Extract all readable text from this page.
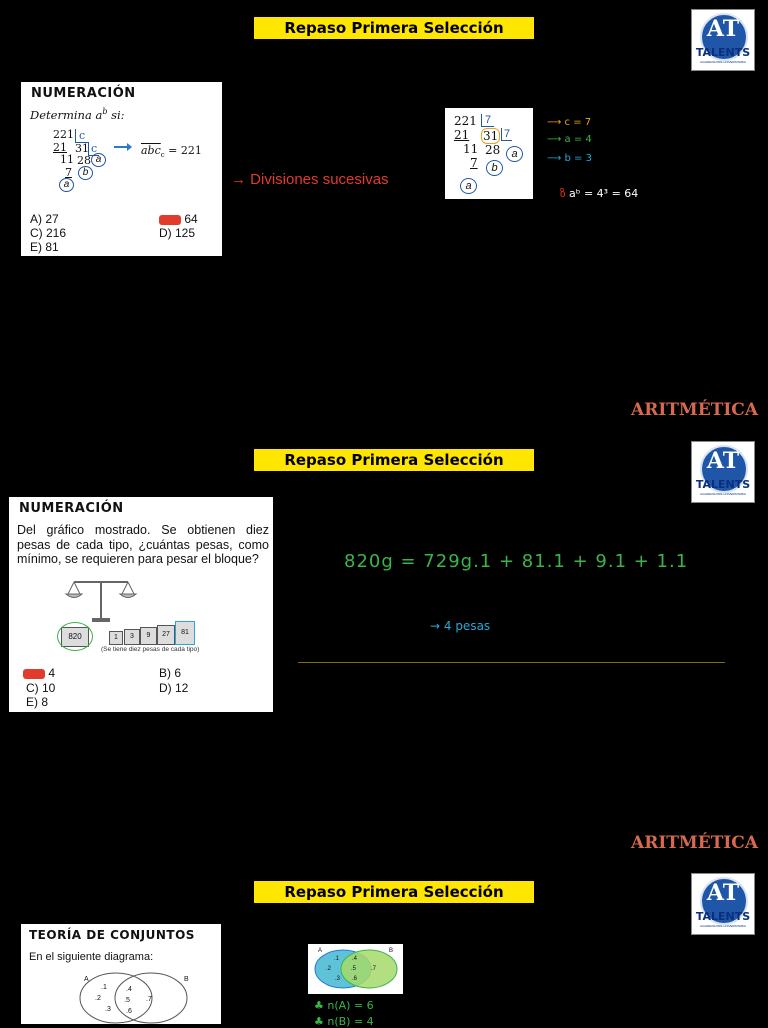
Repaso Primera Selección	AT
TALENTS
ACADEMIA PRE UNIVERSITARIA
NUMERACIÓN
Determina $a^b$ si:
221
21
11
7
c
31 c
28 a
b
a
$\overline{abc}_c = 221$
A) 27	64
C) 216	D) 125
E) 81
→ Divisiones sucesivas
221
21
11
7
7
31 7
28	a
b
a
⟶ c = 7
⟶ a = 4
⟶ b = 3
ზ aᵇ = 4³ = 64
ARITMÉTICA
Repaso Primera Selección	AT
TALENTS
ACADEMIA PRE UNIVERSITARIA
NUMERACIÓN
Del gráfico mostrado. Se obtienen diez pesas de cada tipo, ¿cuántas pesas, como mínimo, se requieren para pesar el bloque?
820	1	3	9	27	81
(Se tiene diez pesas de cada tipo)
4	B) 6
C) 10	D) 12
E) 8
820g = 729g.1 + 81.1 + 9.1 + 1.1
→ 4 pesas
ARITMÉTICA
Repaso Primera Selección	AT
TALENTS
ACADEMIA PRE UNIVERSITARIA
TEORÍA DE CONJUNTOS
En el siguiente diagrama:
A	B
.1
.2
.3
.4
.5
.6
.7
A	B
.1
.2
.3
.4
.5
.6
.7
♣ n(A) = 6
♣ n(B) = 4
